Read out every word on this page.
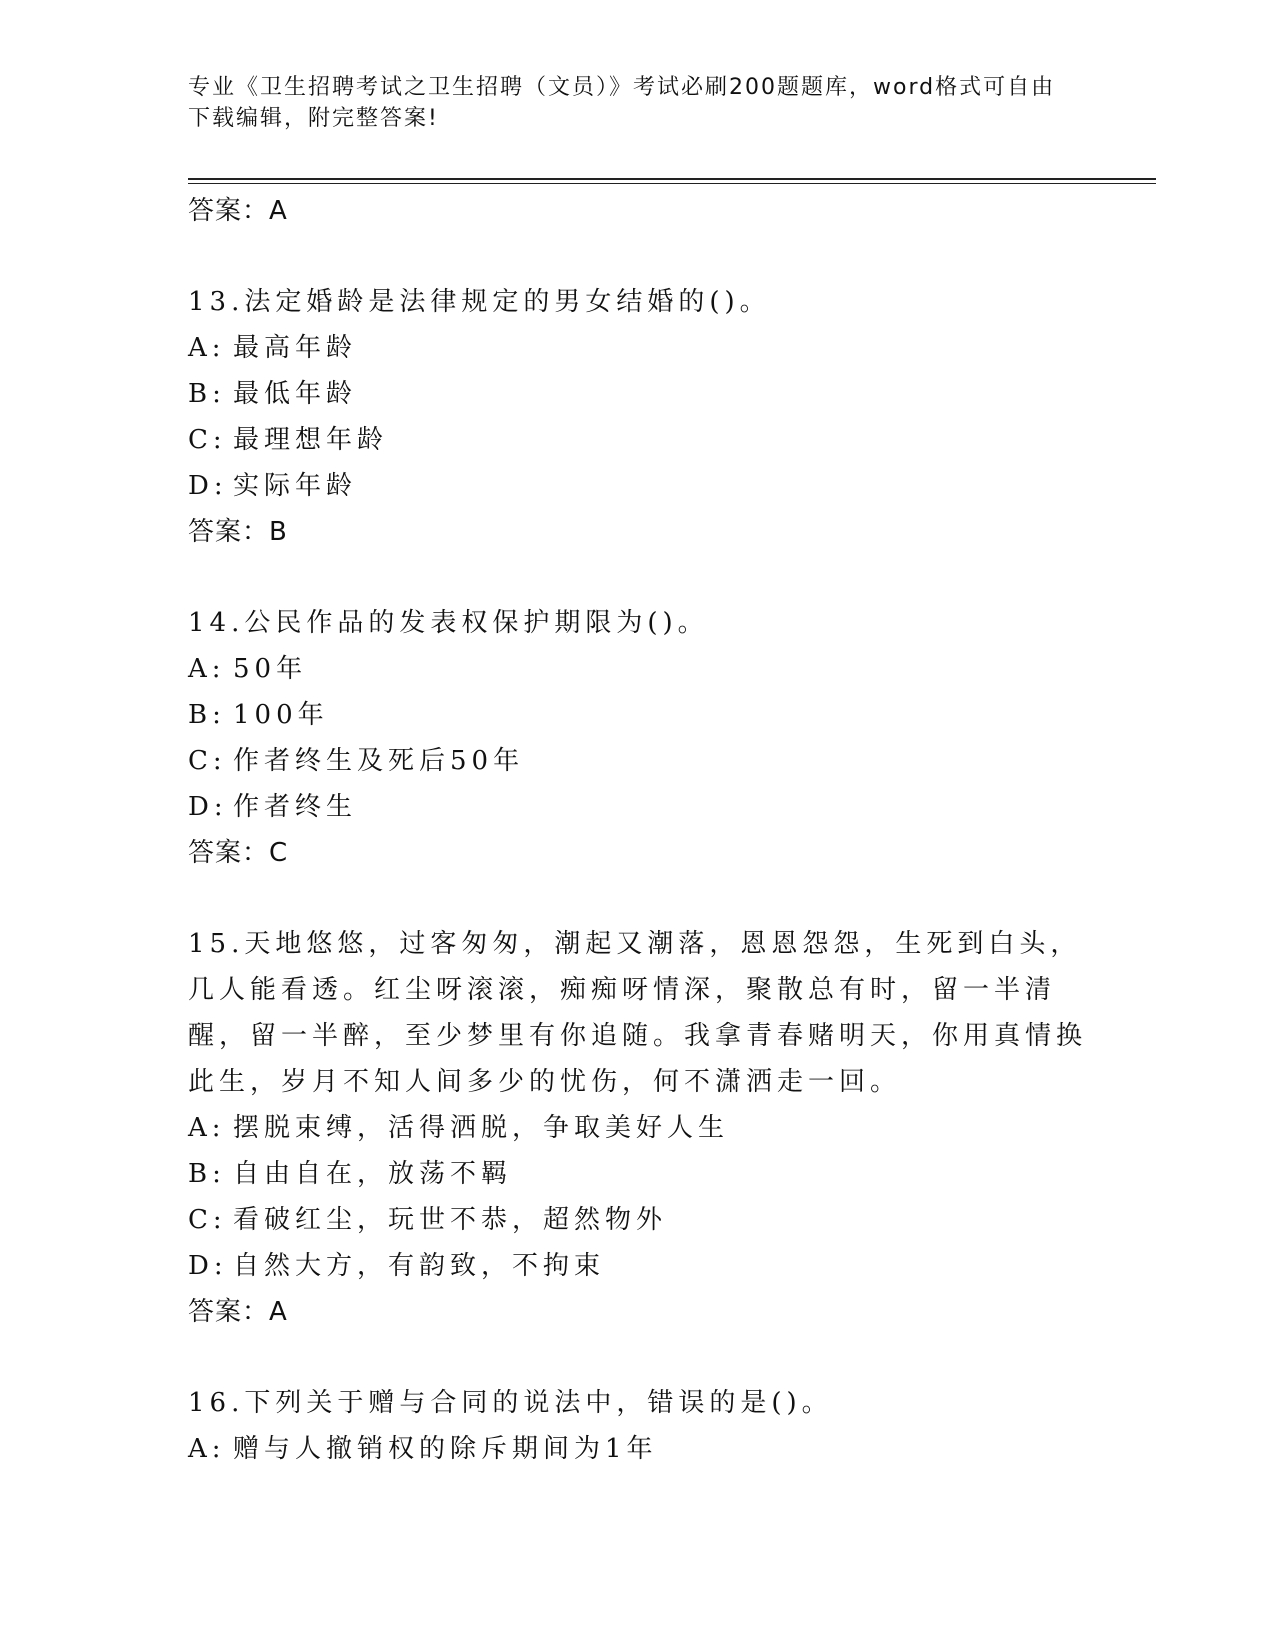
专业《卫生招聘考试之卫生招聘（文员）》考试必刷200题题库，word格式可自由下载编辑，附完整答案!
答案：A
13.法定婚龄是法律规定的男女结婚的()。
A: 最高年龄
B: 最低年龄
C: 最理想年龄
D: 实际年龄
答案：B
14.公民作品的发表权保护期限为()。
A: 50年
B: 100年
C: 作者终生及死后50年
D: 作者终生
答案：C
15.天地悠悠，过客匆匆，潮起又潮落，恩恩怨怨，生死到白头，几人能看透。红尘呀滚滚，痴痴呀情深，聚散总有时，留一半清醒，留一半醉，至少梦里有你追随。我拿青春赌明天，你用真情换此生，岁月不知人间多少的忧伤，何不潇洒走一回。
A: 摆脱束缚，活得洒脱，争取美好人生
B: 自由自在，放荡不羁
C: 看破红尘，玩世不恭，超然物外
D: 自然大方，有韵致，不拘束
答案：A
16.下列关于赠与合同的说法中，错误的是()。
A: 赠与人撤销权的除斥期间为1年
